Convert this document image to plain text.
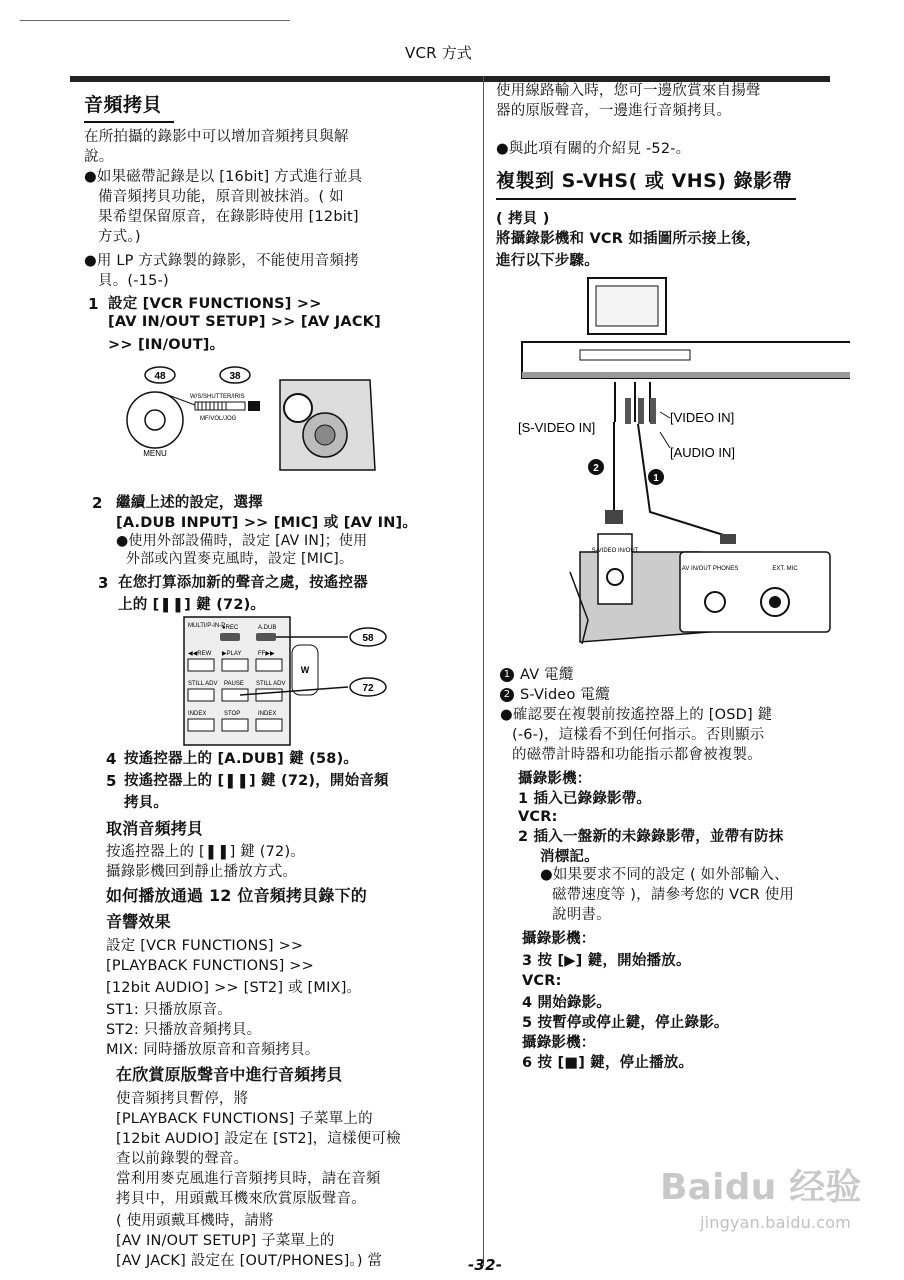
VCR 方式
音頻拷貝
在所拍攝的錄影中可以增加音頻拷貝與解
說。
●如果磁帶記錄是以 [16bit] 方式進行並具
備音頻拷貝功能，原音則被抹消。( 如
果希望保留原音，在錄影時使用 [12bit]
方式。)
●用 LP 方式錄製的錄影，不能使用音頻拷
貝。(-15-)
1 設定 [VCR FUNCTIONS] >>
[AV IN/OUT SETUP] >> [AV JACK]
>> [IN/OUT]。
48	38
MENU
W/S/SHUTTER/IRIS
MF/VOL/JOG
2 繼續上述的設定，選擇
[A.DUB INPUT] >> [MIC] 或 [AV IN]。
●使用外部設備時，設定 [AV IN]；使用
外部或內置麥克風時，設定 [MIC]。
3 在您打算添加新的聲音之處，按遙控器
上的 [❚❚] 鍵 (72)。
MULTI/P-IN-P
●REC	A.DUB
◀◀REW ▶PLAY	FF▶▶
STILL ADV PAUSE STILL ADV
INDEX	STOP	INDEX
W
58
72
4 按遙控器上的 [A.DUB] 鍵 (58)。
5 按遙控器上的 [❚❚] 鍵 (72)，開始音頻
拷貝。
取消音頻拷貝
按遙控器上的 [❚❚] 鍵 (72)。
攝錄影機回到靜止播放方式。
如何播放通過 12 位音頻拷貝錄下的
音響效果
設定 [VCR FUNCTIONS] >>
[PLAYBACK FUNCTIONS] >>
[12bit AUDIO] >> [ST2] 或 [MIX]。
ST1: 只播放原音。
ST2: 只播放音頻拷貝。
MIX: 同時播放原音和音頻拷貝。
在欣賞原版聲音中進行音頻拷貝
使音頻拷貝暫停，將
[PLAYBACK FUNCTIONS] 子菜單上的
[12bit AUDIO] 設定在 [ST2]，這樣便可檢
查以前錄製的聲音。
當利用麥克風進行音頻拷貝時，請在音頻
拷貝中，用頭戴耳機來欣賞原版聲音。
( 使用頭戴耳機時，請將
[AV IN/OUT SETUP] 子菜單上的
[AV JACK] 設定在 [OUT/PHONES]。) 當
使用線路輸入時，您可一邊欣賞來自揚聲
器的原版聲音，一邊進行音頻拷貝。
●與此項有關的介紹見 -52-。
複製到 S-VHS( 或 VHS) 錄影帶
( 拷貝 )
將攝錄影機和 VCR 如插圖所示接上後，
進行以下步驟。
[S-VIDEO IN]
[VIDEO IN]
[AUDIO IN]
2
1
S-VIDEO IN/OUT
AV IN/OUT PHONES	EXT. MIC
1 AV 電纜
2 S-Video 電纜
●確認要在複製前按遙控器上的 [OSD] 鍵
(-6-)，這樣看不到任何指示。否則顯示
的磁帶計時器和功能指示都會被複製。
攝錄影機：
1 插入已錄錄影帶。
VCR:
2 插入一盤新的未錄錄影帶，並帶有防抹
消標記。
●如果要求不同的設定 ( 如外部輸入、
磁帶速度等 )，請參考您的 VCR 使用
說明書。
攝錄影機：
3 按 [▶] 鍵，開始播放。
VCR:
4 開始錄影。
5 按暫停或停止鍵，停止錄影。
攝錄影機：
6 按 [■] 鍵，停止播放。
Baidu 经验
jingyan.baidu.com
-32-
